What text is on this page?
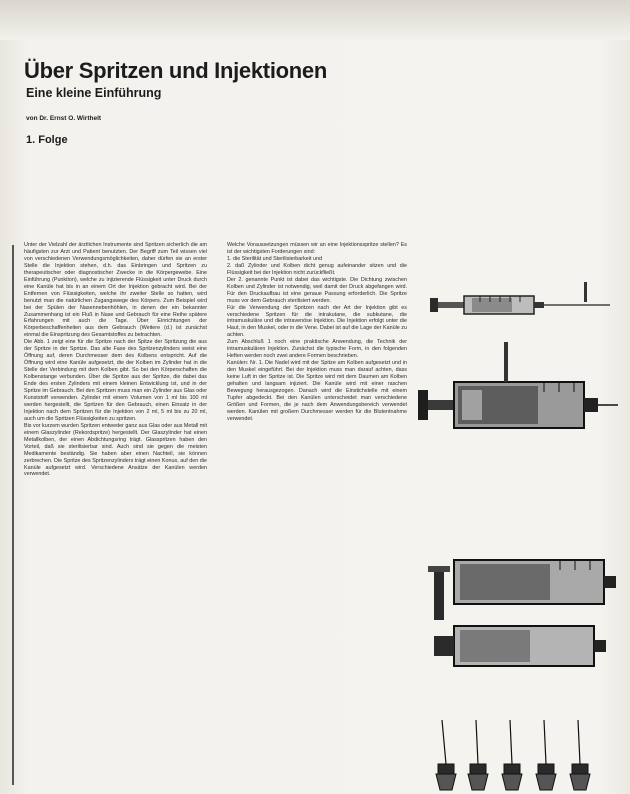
Über Spritzen und Injektionen
Eine kleine Einführung
von Dr. Ernst O. Wirthelt
1. Folge

Unter der Vielzahl der ärztlichen Instrumente sind Spritzen sicherlich die am häufigsten zur Arzt und Patient benutzten. Der Begriff zum Teil wissen viel von verschiedenen Verwendungsmöglichkeiten, daher dürfen sie an erster Stelle die Injektion stehen, d.h. das Einbringen und Spritzen zu therapeutischer oder diagnostischer Zwecke in die Körpergewebe. Eine Einführung (Punktion), welche zu injizierende Flüssigkeit unter Druck durch eine Kanüle hat bis in an einem Ort der Injektion gebracht wird. Bei der Entfernen von Flüssigkeiten, welche ihr zweiter Stelle so hatten, wird benutzt man die natürlichen Zugangswege des Körpers. Zum Beispiel wird bei der Spülen der Nasennebenhöhlen, in denen der ein bekannter Zusammenhang ist ein Fluß in Nase und Gebrauch für eine Reihe spätere Erfahrungen mit auch die Tage. Über Einrichtungen der Körperbeschaffenheiten aus dem Gebrauch (Weitere (d.) ist zunächst einmal die Einspritzung des Gesamtstoffes zu betrachten.

Die Abb. 1 zeigt eine für die Spritze nach der Spitze der Spritzung die aus der Spritze in der Spritze. Das alte Fase des Spritzenzylinders weist eine Öffnung auf, deren Durchmesser dem des Kolbens entspricht. Auf die Öffnung wird eine Kanüle aufgesetzt, die der Kolben im Zylinder hat in die Stelle der Verbindung mit dem Kolben gibt. So bei den Körperschaften die Kolbenstange verbunden. Über die Spritze aus der Spritze, die dabei das Ende des ersten Zylinders mit einem kleinen Entwicklung ist, und in der Spritze im Gebrauch. Bei den Spritzen muss man ein Zylinder aus Glas oder Kunststoff verwenden. Zylinder mit einem Volumen von 1 ml bis 100 ml werden hergestellt, die Spritzen für den Gebrauch, einen Einsatz in der Injektion nach dem Spritzen für die Injektion von 2 ml, 5 ml bis zu 20 ml, auch um die Spritzen Flüssigkeiten zu spritzen.

Bis vor kurzem wurden Spritzen entweder ganz aus Glas oder aus Metall mit einem Glaszylinder (Rekordspritze) hergestellt. Der Glaszylinder hat einen Metallkolben, der einen Abdichtungsring trägt. Glasspritzen haben den Vorteil, daß sie sterilisierbar sind. Auch sind sie gegen die meisten Medikamente beständig. Sie haben aber einen Nachteil, sie können zerbrechen. Die Spritze des Spritzenzylinders trägt einen Konus, auf den die Kanüle aufgesetzt wird. Verschiedene Ansätze der Kanülen werden verwendet.

Welche Voraussetzungen müssen wir an eine Injektionsspritze stellen? Es ist der wichtigsten Forderungen sind:

1. die Sterilität und Sterilisierbarkeit und

2. daß Zylinder und Kolben dicht genug aufeinander sitzen und die Flüssigkeit bei der Injektion nicht zurückfließt.

Der 2. genannte Punkt ist dabei das wichtigste. Die Dichtung zwischen Kolben und Zylinder ist notwendig, weil damit der Druck abgefangen wird. Für den Druckaufbau ist eine genaue Passung erforderlich. Die Spritze muss vor dem Gebrauch sterilisiert werden.

Für die Verwendung der Spritzen nach der Art der Injektion gibt es verschiedene Spritzen für die intrakutane, die subkutane, die intramuskuläre und die intravenöse Injektion. Die Injektion erfolgt unter die Haut, in den Muskel, oder in die Vene. Dabei ist auf die Lage der Kanüle zu achten.

Zum Abschluß 1 noch eine praktische Anwendung, die Technik der intramuskulären Injektion. Zunächst die typische Form, in den folgenden Heften werden noch zwei andere Formen beschrieben.

Kanülen: Nr. 1. Die Nadel wird mit der Spitze am Kolben aufgesetzt und in den Muskel eingeführt. Bei der Injektion muss man darauf achten, dass keine Luft in der Spritze ist. Die Spritze wird mit dem Daumen am Kolben gehalten und langsam injiziert. Die Kanüle wird mit einer raschen Bewegung herausgezogen. Danach wird die Einstichstelle mit einem Tupfer abgedeckt. Bei den Kanülen unterscheidet man verschiedene Größen und Formen, die je nach dem Anwendungsbereich verwendet werden. Kanülen mit großem Durchmesser werden für die Blutentnahme verwendet.
